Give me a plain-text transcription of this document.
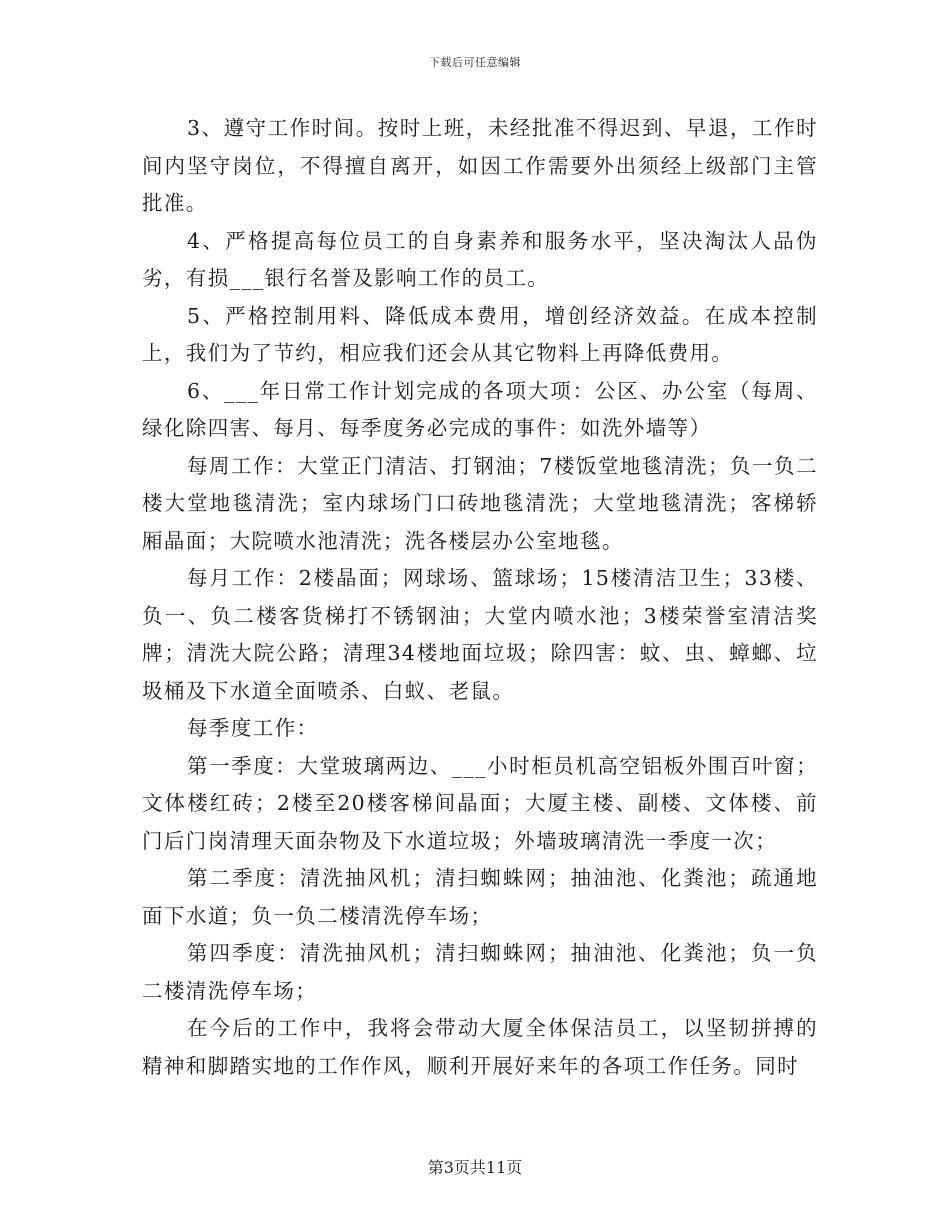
下载后可任意编辑

3、遵守工作时间。按时上班，未经批准不得迟到、早退，工作时间内坚守岗位，不得擅自离开，如因工作需要外出须经上级部门主管批准。

4、严格提高每位员工的自身素养和服务水平，坚决淘汰人品伪劣，有损___银行名誉及影响工作的员工。

5、严格控制用料、降低成本费用，增创经济效益。在成本控制上，我们为了节约，相应我们还会从其它物料上再降低费用。

6、___年日常工作计划完成的各项大项：公区、办公室（每周、绿化除四害、每月、每季度务必完成的事件：如洗外墙等）

每周工作：大堂正门清洁、打钢油；7楼饭堂地毯清洗；负一负二楼大堂地毯清洗；室内球场门口砖地毯清洗；大堂地毯清洗；客梯轿厢晶面；大院喷水池清洗；洗各楼层办公室地毯。

每月工作：2楼晶面；网球场、篮球场；15楼清洁卫生；33楼、负一、负二楼客货梯打不锈钢油；大堂内喷水池；3楼荣誉室清洁奖牌；清洗大院公路；清理34楼地面垃圾；除四害：蚊、虫、蟑螂、垃圾桶及下水道全面喷杀、白蚁、老鼠。

每季度工作：

第一季度：大堂玻璃两边、___小时柜员机高空铝板外围百叶窗；文体楼红砖；2楼至20楼客梯间晶面；大厦主楼、副楼、文体楼、前门后门岗清理天面杂物及下水道垃圾；外墙玻璃清洗一季度一次；

第二季度：清洗抽风机；清扫蜘蛛网；抽油池、化粪池；疏通地面下水道；负一负二楼清洗停车场；

第四季度：清洗抽风机；清扫蜘蛛网；抽油池、化粪池；负一负二楼清洗停车场；

在今后的工作中，我将会带动大厦全体保洁员工，以坚韧拼搏的精神和脚踏实地的工作作风，顺利开展好来年的各项工作任务。同时

第3页共11页
